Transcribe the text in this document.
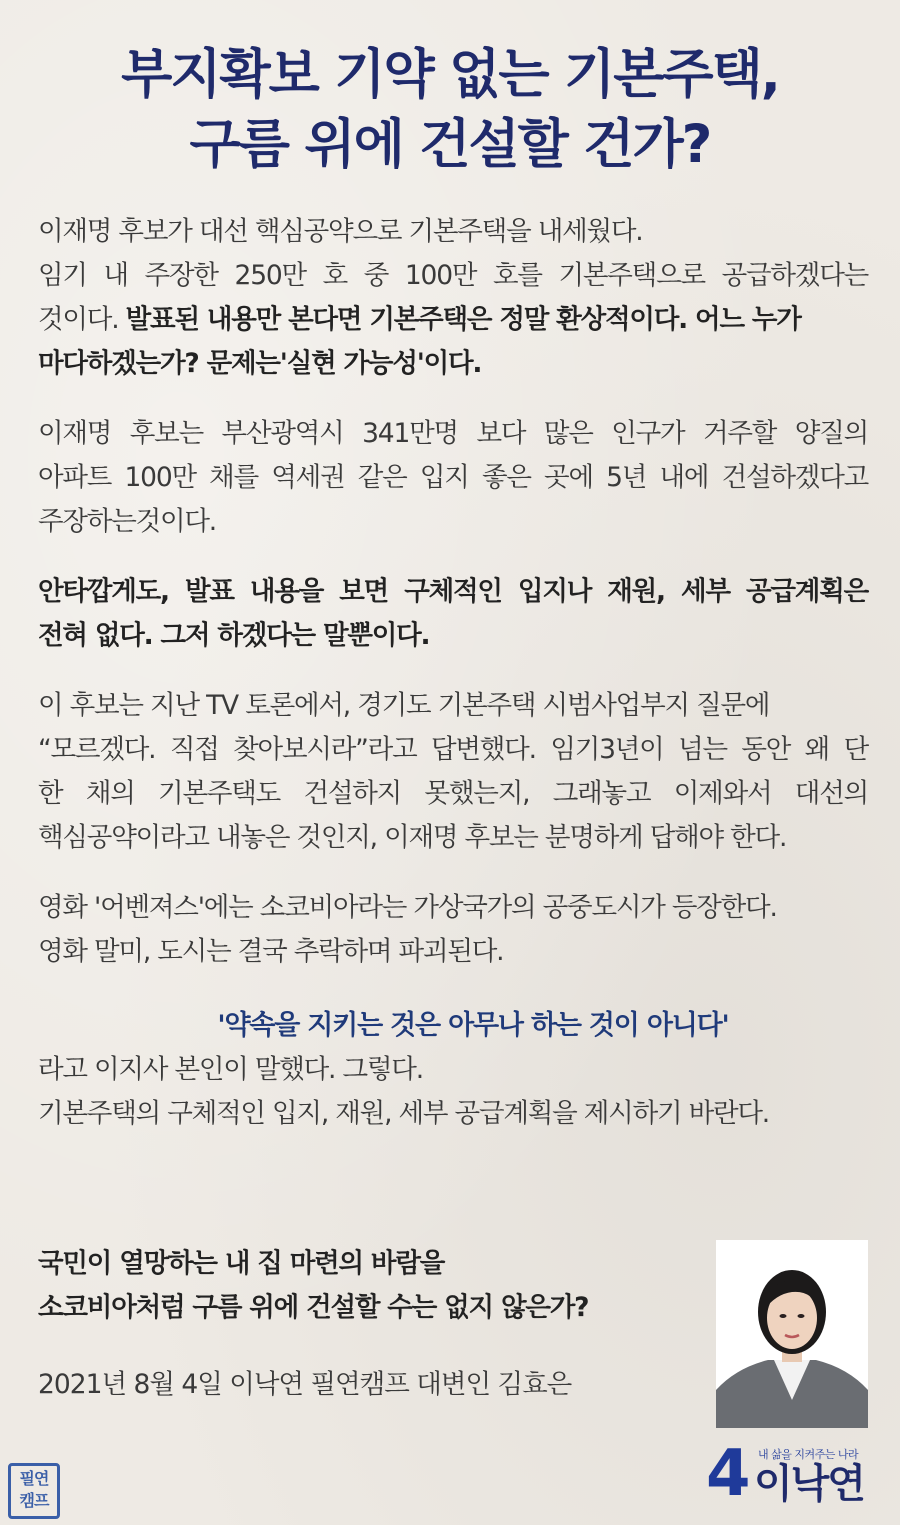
부지확보 기약 없는 기본주택,
구름 위에 건설할 건가?

이재명 후보가 대선 핵심공약으로 기본주택을 내세웠다.
임기 내 주장한 250만 호 중 100만 호를 기본주택으로 공급하겠다는
것이다. 발표된 내용만 본다면 기본주택은 정말 환상적이다. 어느 누가
마다하겠는가? 문제는'실현 가능성'이다.

이재명 후보는 부산광역시 341만명 보다 많은 인구가 거주할 양질의
아파트 100만 채를 역세권 같은 입지 좋은 곳에 5년 내에 건설하겠다고
주장하는것이다.

안타깝게도, 발표 내용을 보면 구체적인 입지나 재원, 세부 공급계획은
전혀 없다. 그저 하겠다는 말뿐이다.

이 후보는 지난 TV 토론에서, 경기도 기본주택 시범사업부지 질문에
“모르겠다. 직접 찾아보시라”라고 답변했다. 임기3년이 넘는 동안 왜 단
한 채의 기본주택도 건설하지 못했는지, 그래놓고 이제와서 대선의
핵심공약이라고 내놓은 것인지, 이재명 후보는 분명하게 답해야 한다.

영화 '어벤져스'에는 소코비아라는 가상국가의 공중도시가 등장한다.
영화 말미, 도시는 결국 추락하며 파괴된다.

'약속을 지키는 것은 아무나 하는 것이 아니다'
라고 이지사 본인이 말했다. 그렇다.
기본주택의 구체적인 입지, 재원, 세부 공급계획을 제시하기 바란다.

국민이 열망하는 내 집 마련의 바람을
소코비아처럼 구름 위에 건설할 수는 없지 않은가?
2021년 8월 4일 이낙연 필연캠프 대변인 김효은
4 내 삶을 지켜주는 나라
이낙연
필연
캠프
